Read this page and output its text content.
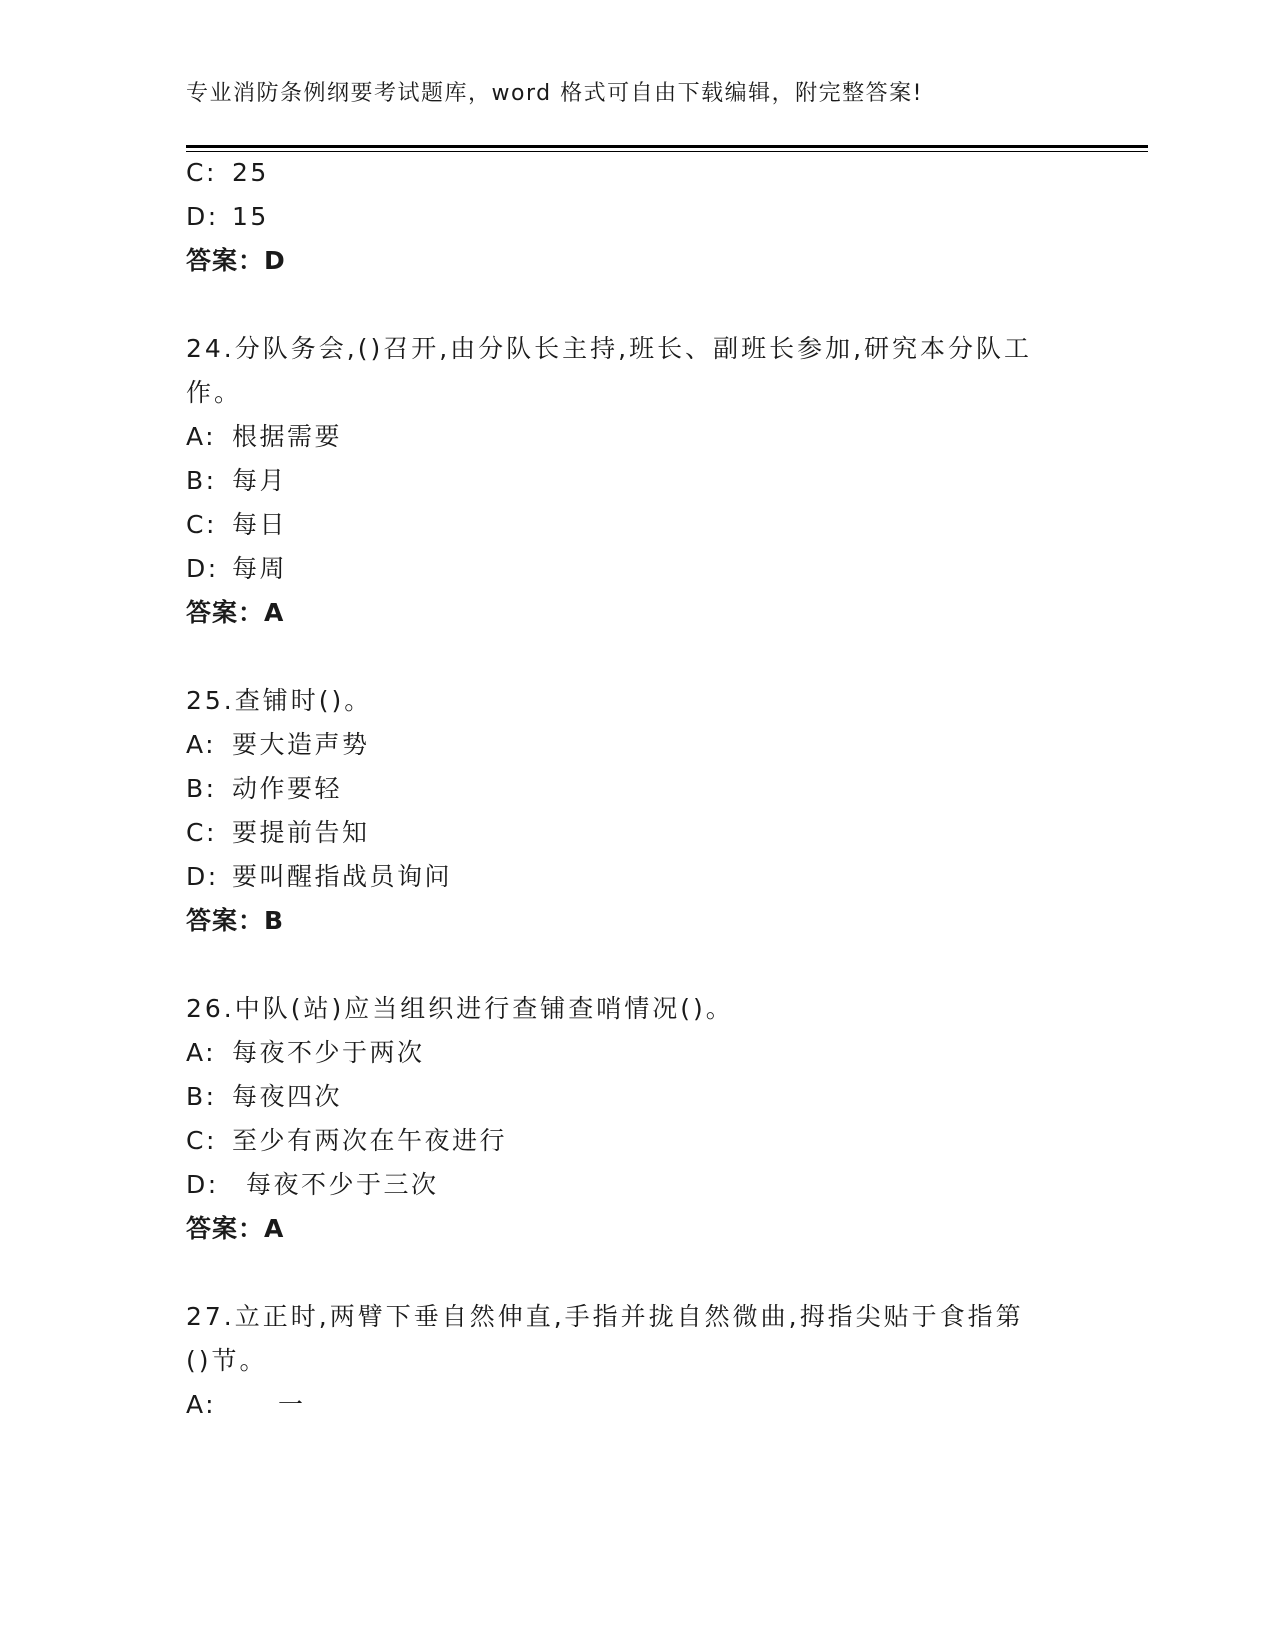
专业消防条例纲要考试题库，word 格式可自由下载编辑，附完整答案!
C: 25
D: 15
答案：D
24.分队务会,()召开,由分队长主持,班长、副班长参加,研究本分队工
作。
A: 根据需要
B: 每月
C: 每日
D: 每周
答案：A
25.查铺时()。
A: 要大造声势
B: 动作要轻
C: 要提前告知
D: 要叫醒指战员询问
答案：B
26.中队(站)应当组织进行查铺查哨情况()。
A: 每夜不少于两次
B: 每夜四次
C: 至少有两次在午夜进行
D: 每夜不少于三次
答案：A
27.立正时,两臂下垂自然伸直,手指并拢自然微曲,拇指尖贴于食指第
()节。
A: 一
